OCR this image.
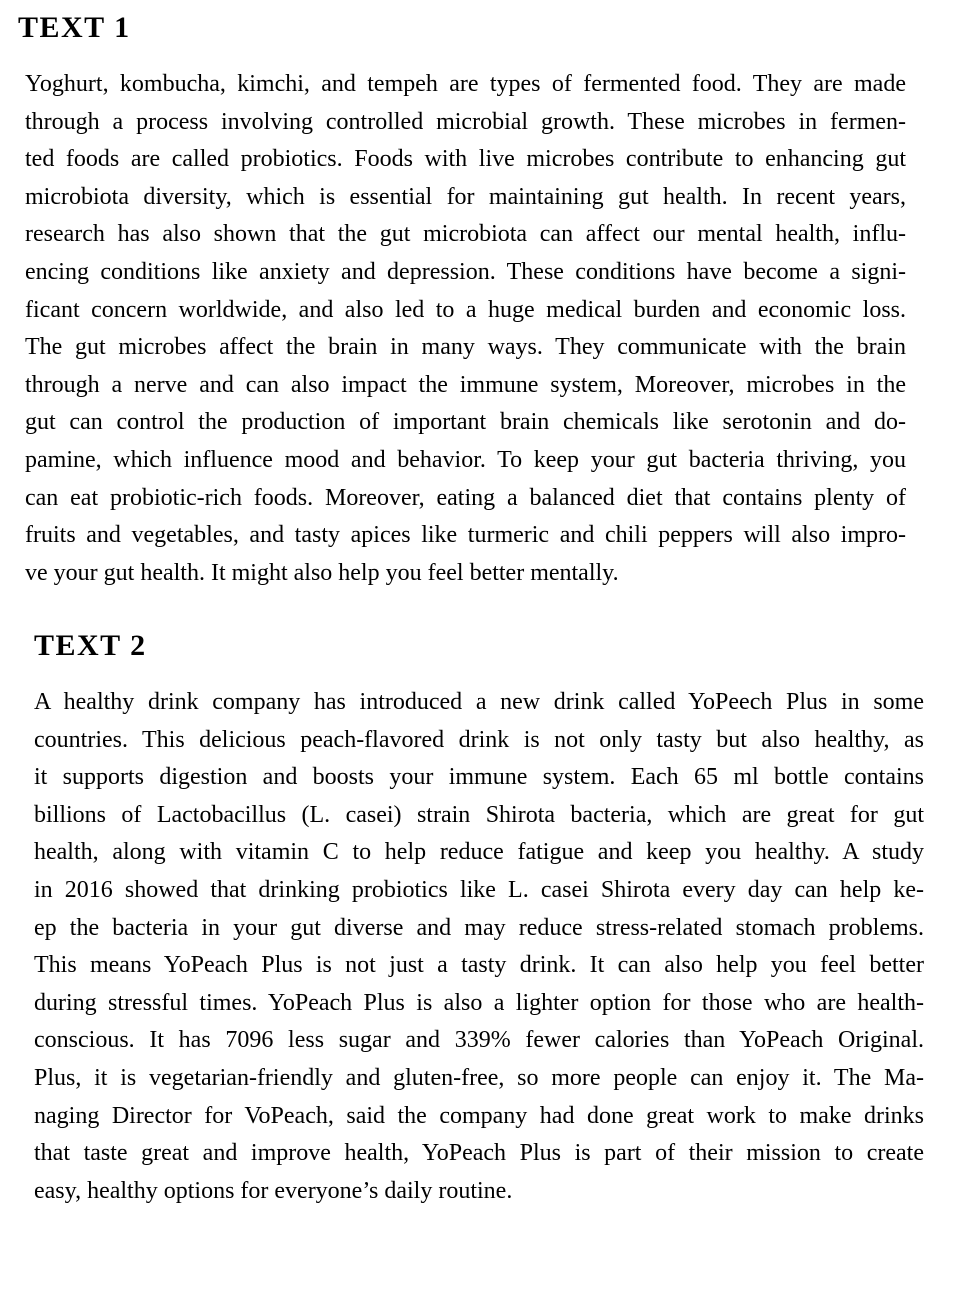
TEXT 1
Yoghurt, kombucha, kimchi, and tempeh are types of fermented food. They are made
through a process involving controlled microbial growth. These microbes in fermen-
ted foods are called probiotics. Foods with live microbes contribute to enhancing gut
microbiota diversity, which is essential for maintaining gut health. In recent years,
research has also shown that the gut microbiota can affect our mental health, influ-
encing conditions like anxiety and depression. These conditions have become a signi-
ficant concern worldwide, and also led to a huge medical burden and economic loss.
The gut microbes affect the brain in many ways. They communicate with the brain
through a nerve and can also impact the immune system, Moreover, microbes in the
gut can control the production of important brain chemicals like serotonin and do-
pamine, which influence mood and behavior. To keep your gut bacteria thriving, you
can eat probiotic-rich foods. Moreover, eating a balanced diet that contains plenty of
fruits and vegetables, and tasty apices like turmeric and chili peppers will also impro-
ve your gut health. It might also help you feel better mentally.
TEXT 2
A healthy drink company has introduced a new drink called YoPeech Plus in some
countries. This delicious peach-flavored drink is not only tasty but also healthy, as
it supports digestion and boosts your immune system. Each 65 ml bottle contains
billions of Lactobacillus (L. casei) strain Shirota bacteria, which are great for gut
health, along with vitamin C to help reduce fatigue and keep you healthy. A study
in 2016 showed that drinking probiotics like L. casei Shirota every day can help ke-
ep the bacteria in your gut diverse and may reduce stress-related stomach problems.
This means YoPeach Plus is not just a tasty drink. It can also help you feel better
during stressful times. YoPeach Plus is also a lighter option for those who are health-
conscious. It has 7096 less sugar and 339% fewer calories than YoPeach Original.
Plus, it is vegetarian-friendly and gluten-free, so more people can enjoy it. The Ma-
naging Director for VoPeach, said the company had done great work to make drinks
that taste great and improve health, YoPeach Plus is part of their mission to create
easy, healthy options for everyone’s daily routine.
